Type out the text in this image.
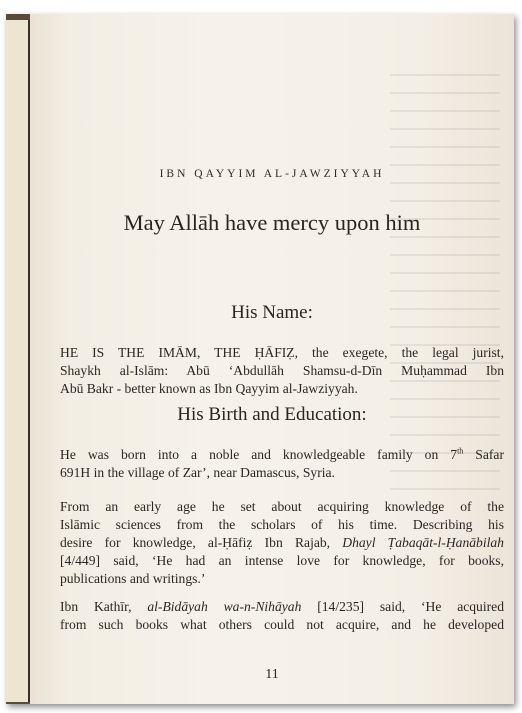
IBN QAYYIM AL-JAWZIYYAH
May Allāh have mercy upon him
His Name:
HE IS THE IMĀM, THE ḤĀFIẒ, the exegete, the legal jurist,
Shaykh al-Islām: Abū ‘Abdullāh Shamsu-d-Dīn Muḥammad Ibn
Abū Bakr - better known as Ibn Qayyim al-Jawziyyah.
His Birth and Education:
He was born into a noble and knowledgeable family on 7th Safar
691H in the village of Zar’, near Damascus, Syria.
From an early age he set about acquiring knowledge of the
Islāmic sciences from the scholars of his time. Describing his
desire for knowledge, al-Ḥāfiẓ Ibn Rajab, Dhayl Ṭabaqāt-l-Ḥanābilah
[4/449] said, ‘He had an intense love for knowledge, for books,
publications and writings.’
Ibn Kathīr, al-Bidāyah wa-n-Nihāyah [14/235] said, ‘He acquired
from such books what others could not acquire, and he developed
11
